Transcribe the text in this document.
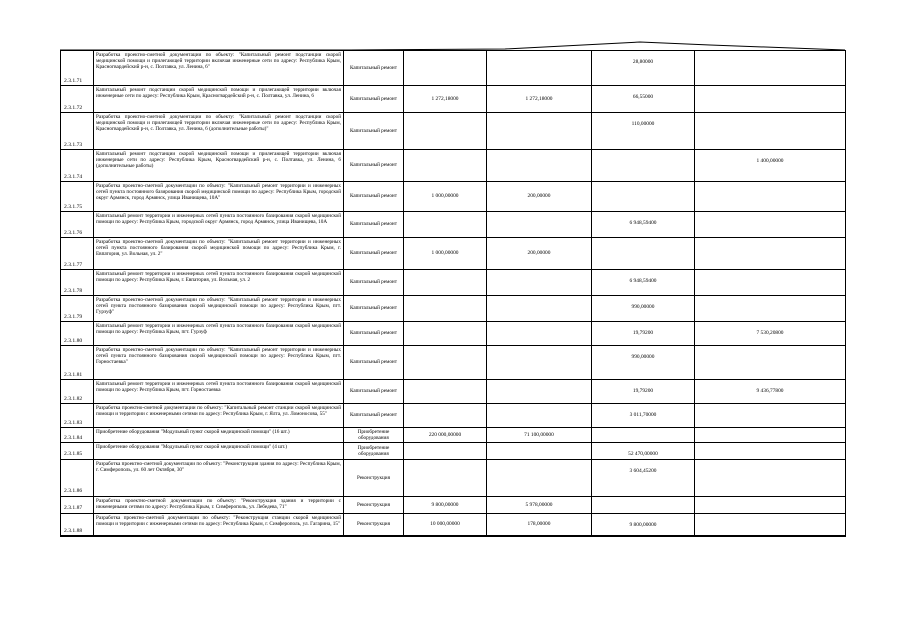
2.3.1.71	Разработка проектно-сметной документации по объекту: "Капитальный ремонт подстанции скорой медицинской помощи и прилегающей территории включая инженерные сети по адресу: Республика Крым, Красногвардейский р-н, с. Полтавка, ул. Ленина, 6"	Капитальный ремонт			28,80000	
2.3.1.72	Капитальный ремонт подстанции скорой медицинской помощи и прилегающей территории включая инженерные сети по адресу: Республика Крым, Красногвардейский р-н, с. Полтавка, ул. Ленина, 6	Капитальный ремонт	1 272,18000	1 272,18000	66,55000	
2.3.1.73	Разработка проектно-сметной документации по объекту: "Капитальный ремонт подстанции скорой медицинской помощи и прилегающей территории включая инженерные сети по адресу: Республика Крым, Красногвардейский р-н, с. Полтавка, ул. Ленина, 6 (дополнительные работы)"	Капитальный ремонт			110,00000	
2.3.1.74	Капитальный ремонт подстанции скорой медицинской помощи и прилегающей территории включая инженерные сети по адресу: Республика Крым, Красногвардейский р-н, с. Полтавка, ул. Ленина, 6 (дополнительные работы)	Капитальный ремонт				1 400,00000
2.3.1.75	Разработка проектно-сметной документации по объекту: "Капитальный ремонт территории и инженерных сетей пункта постоянного базирования скорой медицинской помощи по адресу: Республика Крым, городской округ Армянск, город Армянск, улица Иванищева, 10А"	Капитальный ремонт	1 000,00000	200,00000		
2.3.1.76	Капитальный ремонт территории и инженерных сетей пункта постоянного базирования скорой медицинской помощи по адресу: Республика Крым, городской округ Армянск, город Армянск, улица Иванищева, 10А	Капитальный ремонт			6 948,59400	
2.3.1.77	Разработка проектно-сметной документации по объекту: "Капитальный ремонт территории и инженерных сетей пункта постоянного базирования скорой медицинской помощи по адресу: Республика Крым, г. Евпатория, ул. Вольная, ул. 2"	Капитальный ремонт	1 000,00000	200,00000		
2.3.1.78	Капитальный ремонт территории и инженерных сетей пункта постоянного базирования скорой медицинской помощи по адресу: Республика Крым, г. Евпатория, ул. Вольная, ул. 2	Капитальный ремонт			6 948,59400	
2.3.1.79	Разработка проектно-сметной документации по объекту: "Капитальный ремонт территории и инженерных сетей пункта постоянного базирования скорой медицинской помощи по адресу: Республика Крым, пгт. Гурзуф"	Капитальный ремонт			990,00000	
2.3.1.80	Капитальный ремонт территории и инженерных сетей пункта постоянного базирования скорой медицинской помощи по адресу: Республика Крым, пгт. Гурзуф	Капитальный ремонт			19,79200	7 530,20800
2.3.1.81	Разработка проектно-сметной документации по объекту: "Капитальный ремонт территории и инженерных сетей пункта постоянного базирования скорой медицинской помощи по адресу: Республика Крым, пгт. Горностаевка"	Капитальный ремонт			990,00000	
2.3.1.82	Капитальный ремонт территории и инженерных сетей пункта постоянного базирования скорой медицинской помощи по адресу: Республика Крым, пгт. Горностаевка	Капитальный ремонт			19,79200	9 436,77800
2.3.1.83	Разработка проектно-сметной документации по объекту: "Капитальный ремонт станции скорой медицинской помощи и территории с инженерными сетями по адресу: Республика Крым, г. Ялта, ул. Ломоносова, 55"	Капитальный ремонт			3 011,70000	
2.3.1.84	Приобретение оборудования "Модульный пункт скорой медицинской помощи" (16 шт.)	Приобретение оборудования	220 000,00000	71 100,00000		
2.3.1.85	Приобретение оборудования "Модульный пункт скорой медицинской помощи" (4 шт.)	Приобретение оборудования			52 470,00000	
2.3.1.86	Разработка проектно-сметной документации по объекту: "Реконструкция здания по адресу: Республика Крым, г. Симферополь, ул. 60 лет Октября, 30"	Реконструкция			3 604,45200	
2.3.1.87	Разработка проектно-сметной документации по объекту: "Реконструкция здания и территории с инженерными сетями по адресу: Республика Крым, г. Симферополь, ул. Лебедева, 71"	Реконструкция	9 800,00000	5 978,00000		
2.3.1.88	Разработка проектно-сметной документации по объекту: "Реконструкция станции скорой медицинской помощи и территории с инженерными сетями по адресу: Республика Крым, г. Симферополь, ул. Гагарина, 15"	Реконструкция	10 000,00000	178,00000	9 800,00000	
